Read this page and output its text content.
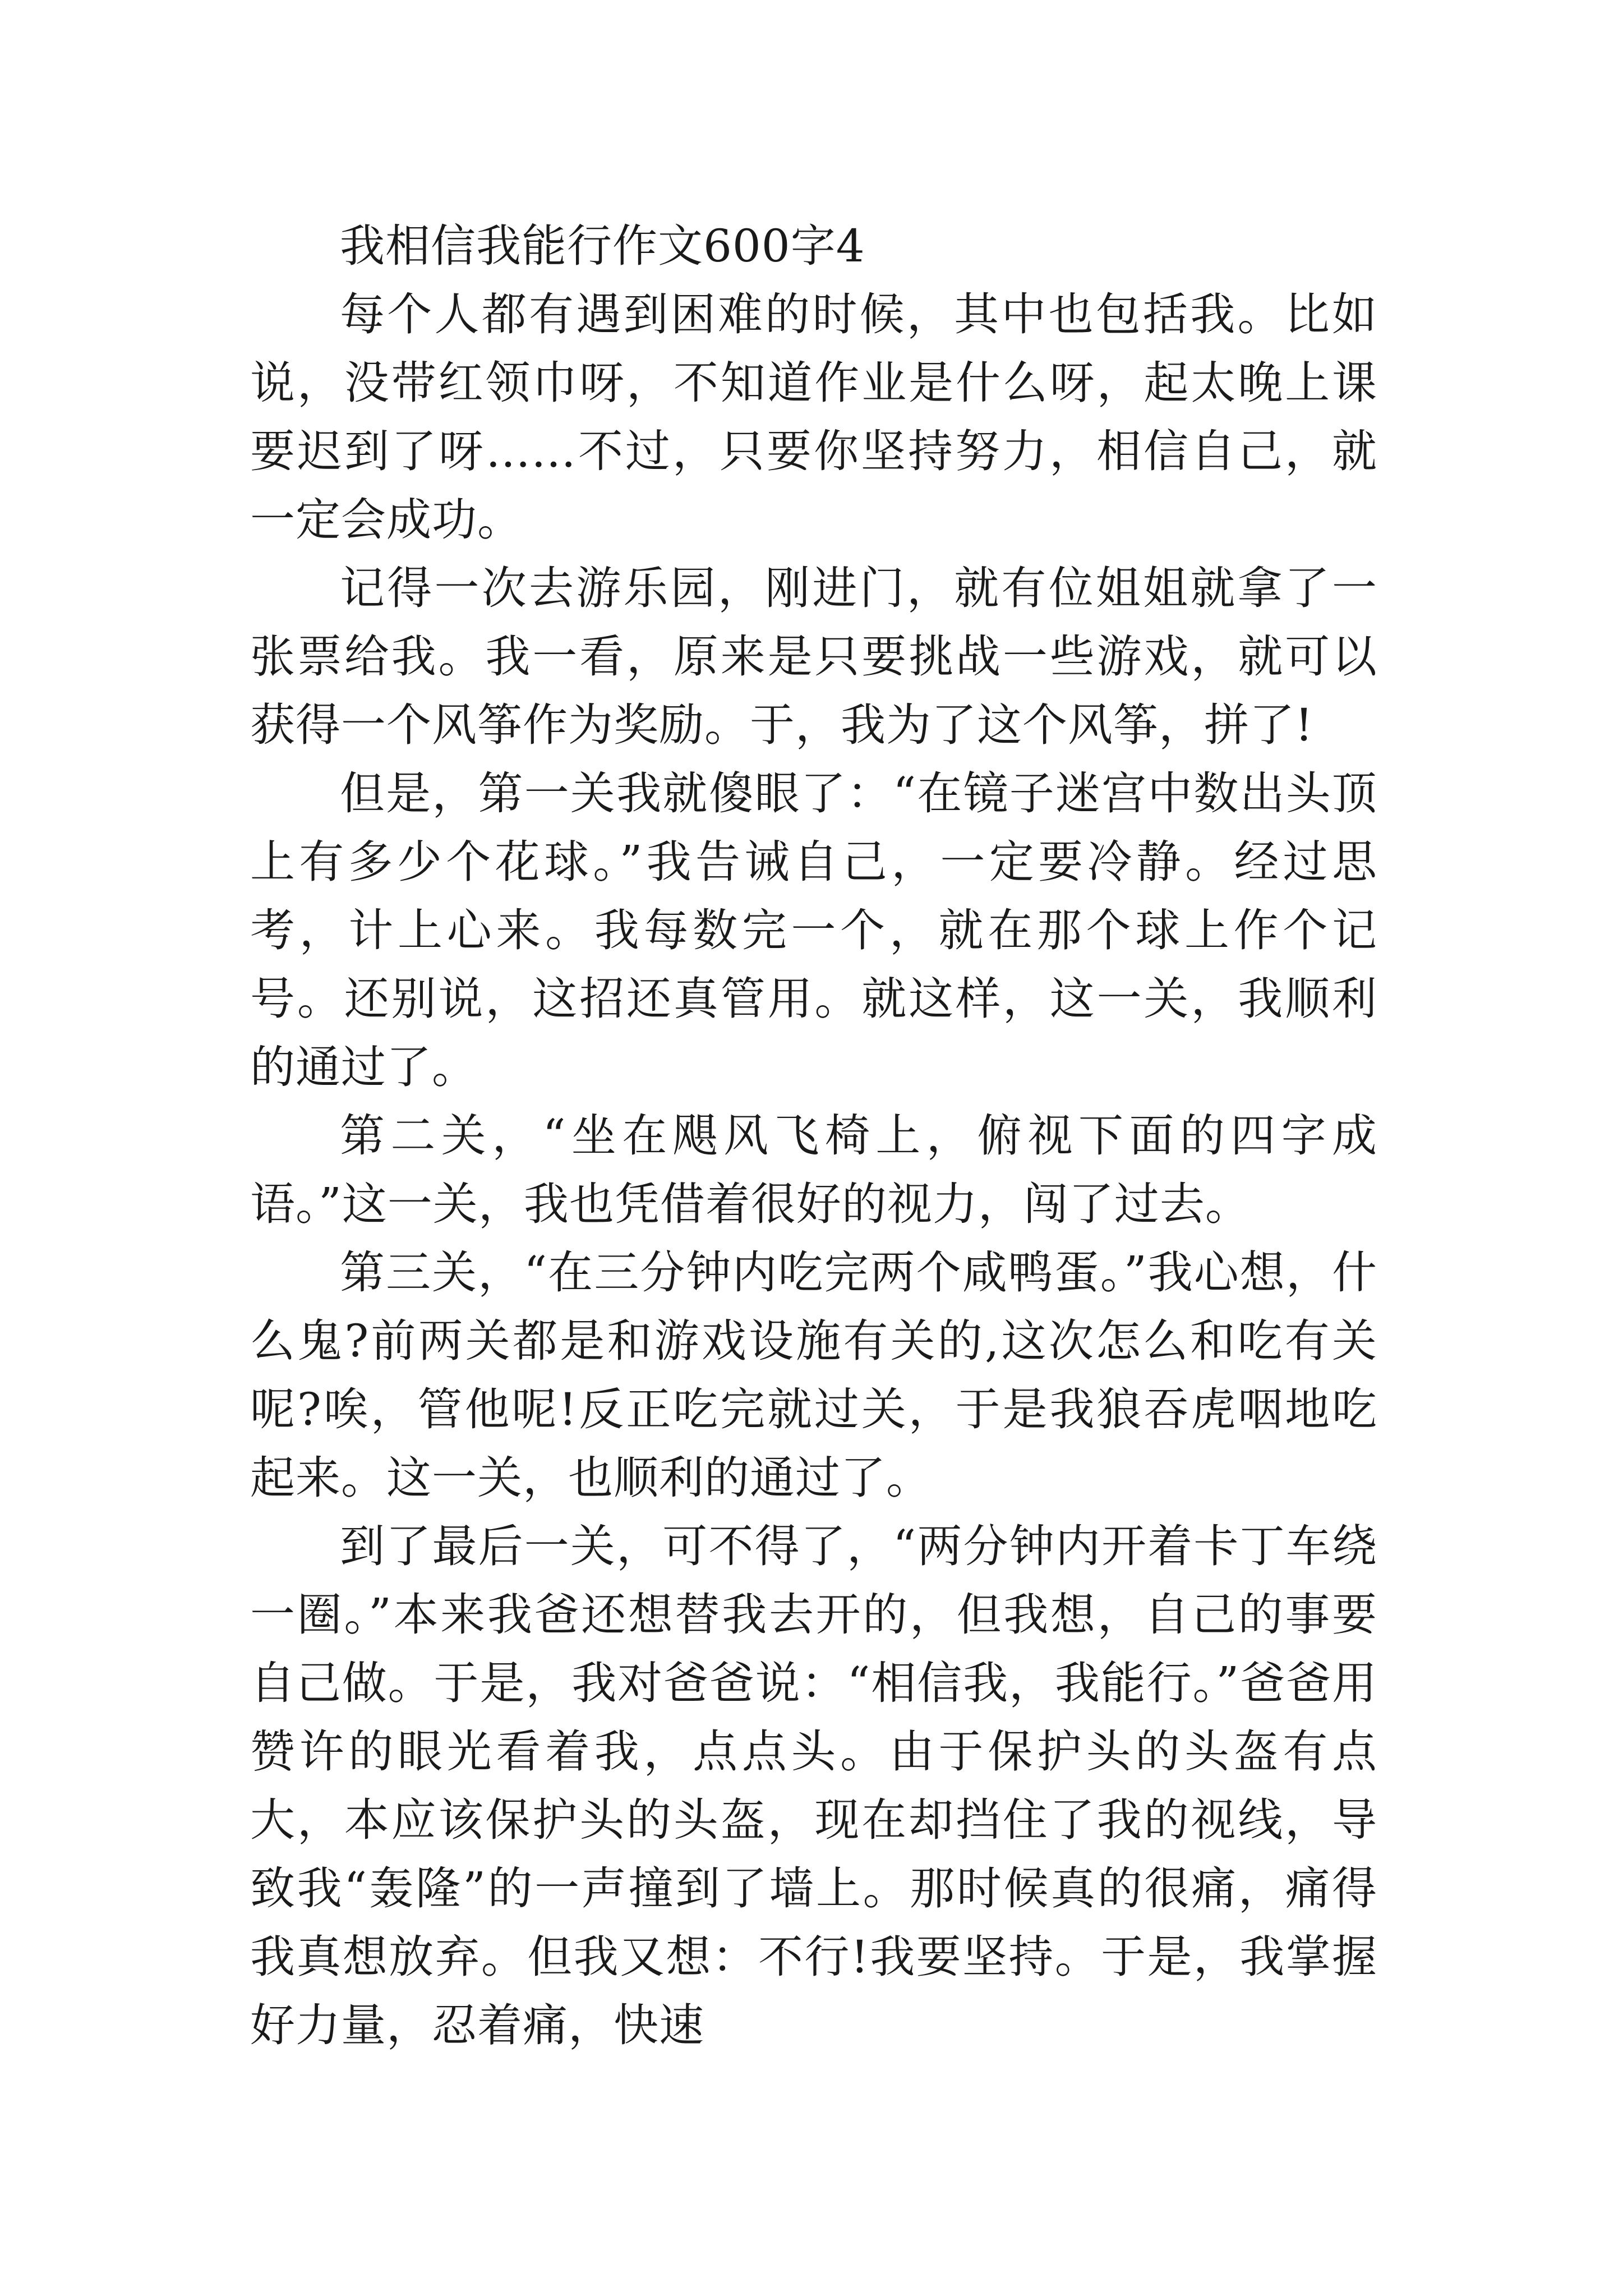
我相信我能行作文600字4

每个人都有遇到困难的时候，其中也包括我。比如说，没带红领巾呀，不知道作业是什么呀，起太晚上课要迟到了呀……不过，只要你坚持努力，相信自己，就一定会成功。

记得一次去游乐园，刚进门，就有位姐姐就拿了一张票给我。我一看，原来是只要挑战一些游戏，就可以获得一个风筝作为奖励。于，我为了这个风筝，拼了!

但是，第一关我就傻眼了：“在镜子迷宫中数出头顶上有多少个花球。”我告诫自己，一定要冷静。经过思考，计上心来。我每数完一个，就在那个球上作个记号。还别说，这招还真管用。就这样，这一关，我顺利的通过了。

第二关，“坐在飓风飞椅上，俯视下面的四字成语。”这一关，我也凭借着很好的视力，闯了过去。

第三关，“在三分钟内吃完两个咸鸭蛋。”我心想，什么鬼?前两关都是和游戏设施有关的,这次怎么和吃有关呢?唉，管他呢!反正吃完就过关，于是我狼吞虎咽地吃起来。这一关，也顺利的通过了。

到了最后一关，可不得了，“两分钟内开着卡丁车绕一圈。”本来我爸还想替我去开的，但我想，自己的事要自己做。于是，我对爸爸说：“相信我，我能行。”爸爸用赞许的眼光看着我，点点头。由于保护头的头盔有点大，本应该保护头的头盔，现在却挡住了我的视线，导致我“轰隆”的一声撞到了墙上。那时候真的很痛，痛得我真想放弃。但我又想：不行!我要坚持。于是，我掌握好力量，忍着痛，快速
